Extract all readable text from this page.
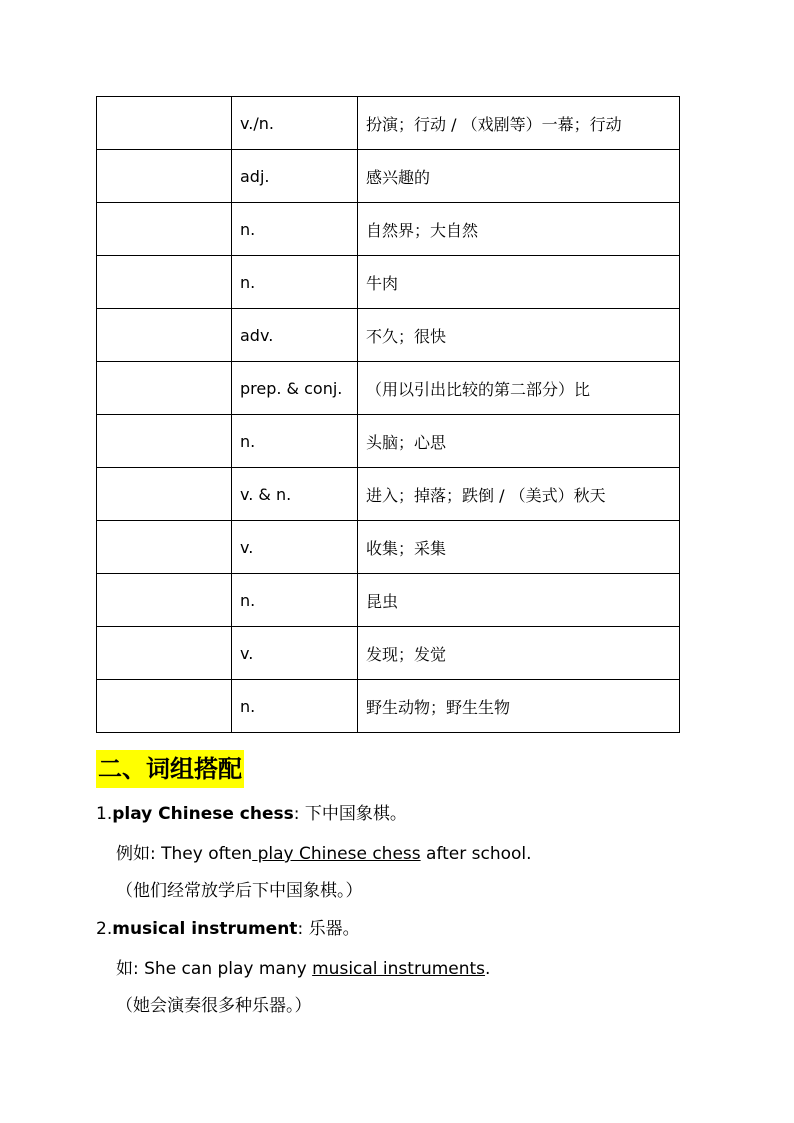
	v./n.	扮演；行动 / （戏剧等）一幕；行动
	adj.	感兴趣的
	n.	自然界；大自然
	n.	牛肉
	adv.	不久；很快
	prep. & conj.	（用以引出比较的第二部分）比
	n.	头脑；心思
	v. & n.	进入；掉落；跌倒 / （美式）秋天
	v.	收集；采集
	n.	昆虫
	v.	发现；发觉
	n.	野生动物；野生生物
二、词组搭配
1.play Chinese chess: 下中国象棋。
例如: They often play Chinese chess after school.
（他们经常放学后下中国象棋。）
2.musical instrument: 乐器。
如: She can play many musical instruments.
（她会演奏很多种乐器。）
